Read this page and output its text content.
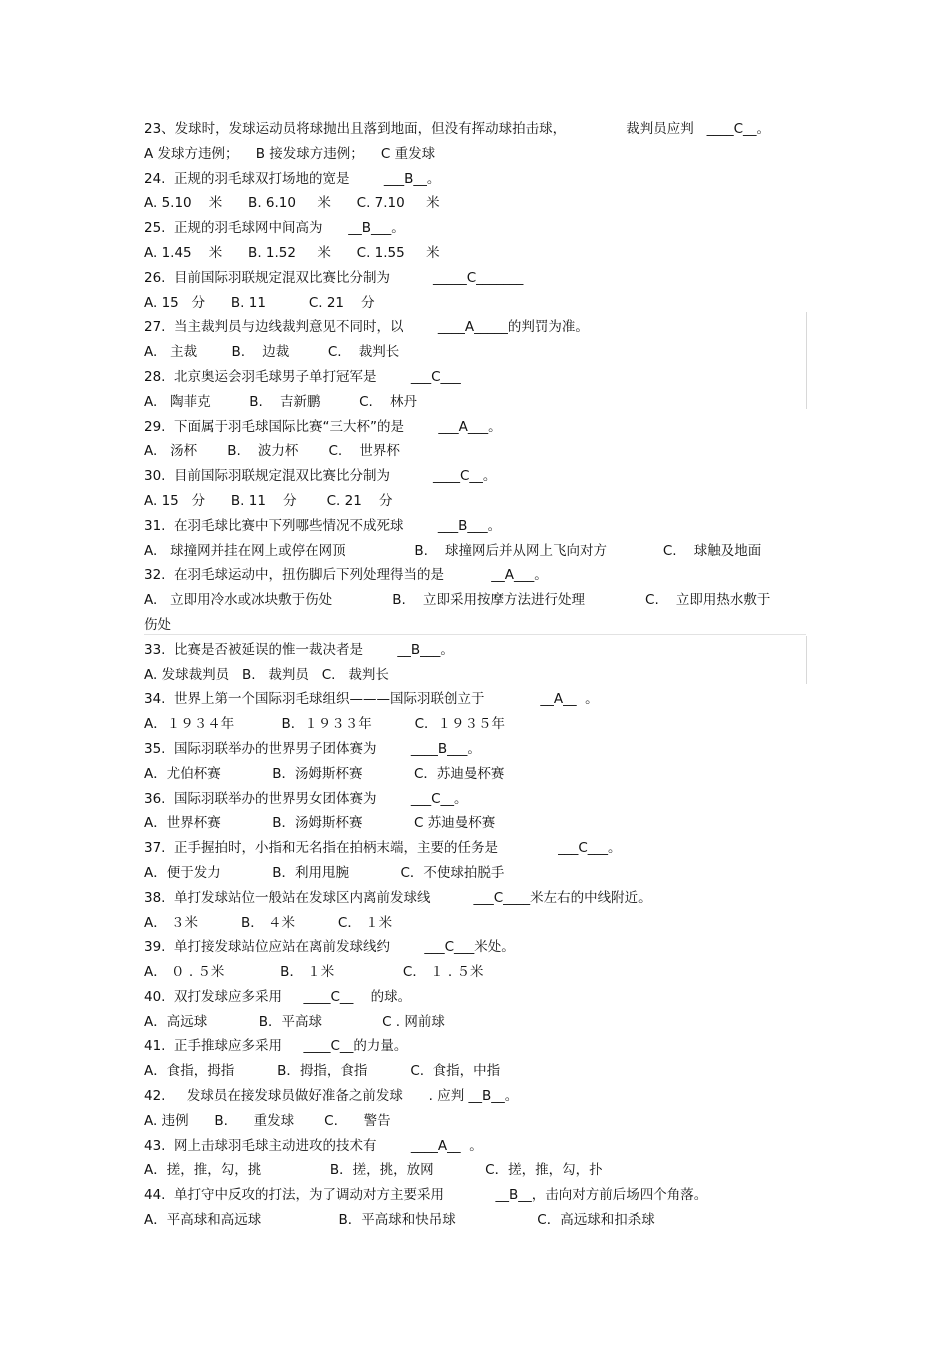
23、发球时，发球运动员将球抛出且落到地面，但没有挥动球拍击球，              裁判员应判   ____C__。
A 发球方违例；    B 接发球方违例；    C 重发球
24.  正规的羽毛球双打场地的宽是        ___B__。
A. 5.10    米      B. 6.10     米      C. 7.10     米
25.  正规的羽毛球网中间高为      __B___。
A. 1.45    米      B. 1.52     米      C. 1.55     米
26.  目前国际羽联规定混双比赛比分制为          _____C_______
A. 15   分      B. 11          C. 21    分
27.  当主裁判员与边线裁判意见不同时，以        ____A_____的判罚为准。
A.   主裁        B.    边裁         C.    裁判长
28.  北京奥运会羽毛球男子单打冠军是        ___C___
A.   陶菲克         B.    吉新鹏         C.    林丹
29.  下面属于羽毛球国际比赛“三大杯”的是        ___A___。
A.   汤杯       B.    波力杯       C.    世界杯
30.  目前国际羽联规定混双比赛比分制为          ____C__。
A. 15   分      B. 11    分       C. 21    分
31.  在羽毛球比赛中下列哪些情况不成死球        ___B___。
A.   球撞网并挂在网上或停在网顶                B.    球撞网后并从网上飞向对方             C.    球触及地面
32.  在羽毛球运动中，扭伤脚后下列处理得当的是           __A___。
A.   立即用冷水或冰块敷于伤处              B.    立即采用按摩方法进行处理              C.    立即用热水敷于
伤处
33.  比赛是否被延误的惟一裁决者是        __B___。
A. 发球裁判员   B.   裁判员   C.   裁判长
34.  世界上第一个国际羽毛球组织———国际羽联创立于             __A__  。
A．１９３４年           B．１９３３年          C．１９３５年
35.  国际羽联举办的世界男子团体赛为        ____B___。
A．尤伯杯赛            B．汤姆斯杯赛            C．苏迪曼杯赛
36.  国际羽联举办的世界男女团体赛为        ___C__。
A．世界杯赛            B．汤姆斯杯赛            C 苏迪曼杯赛
37.  正手握拍时，小指和无名指在拍柄末端，主要的任务是              ___C___。
A．便于发力            B．利用甩腕            C．不使球拍脱手
38.  单打发球站位一般站在发球区内离前发球线          ___C____米左右的中线附近。
A． ３米          B． ４米          C． １米
39.  单打接发球站位应站在离前发球线约        ___C___米处。
A． ０ . ５米             B． １米                C． １ . ５米
40.  双打发球应多采用     ____C__    的球。
A．高远球            B．平高球              C . 网前球
41.  正手推球应多采用     ____C__的力量。
A．食指，拇指          B．拇指，食指          C.  食指，中指
42.     发球员在接发球员做好准备之前发球      . 应判 __B__。
A. 违例      B.      重发球       C.      警告
43.  网上击球羽毛球主动进攻的技术有        ____A__  。
A．搓，推，勾，挑                B．搓，挑，放网            C．搓，推，勾，扑
44.  单打守中反攻的打法，为了调动对方主要采用            __B__，击向对方前后场四个角落。
A．平高球和高远球                  B．平高球和快吊球                   C．高远球和扣杀球
